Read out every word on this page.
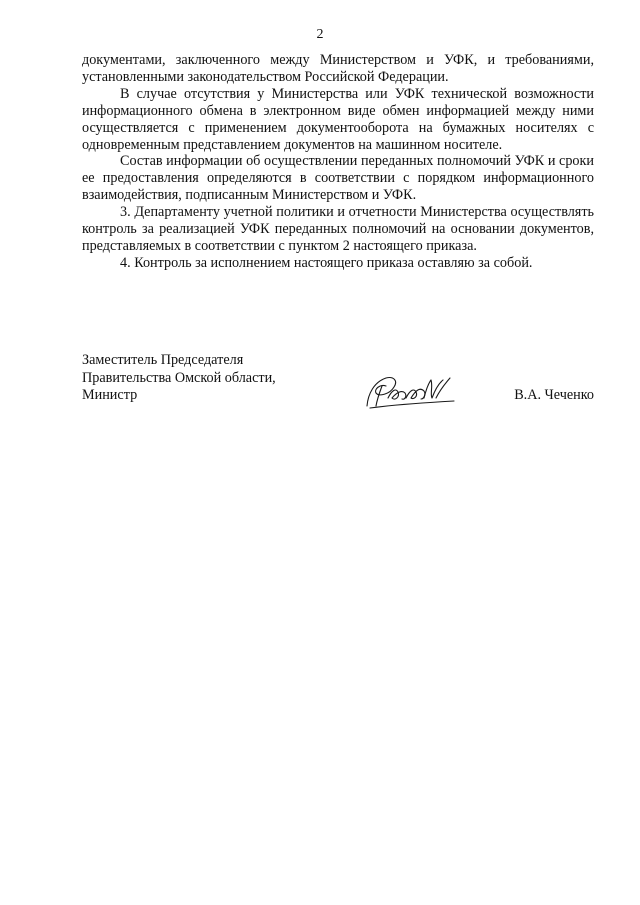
2

документами, заключенного между Министерством и УФК, и требованиями, установленными законодательством Российской Федерации.

В случае отсутствия у Министерства или УФК технической возможности информационного обмена в электронном виде обмен информацией между ними осуществляется с применением документооборота на бумажных носителях с одновременным представлением документов на машинном носителе.

Состав информации об осуществлении переданных полномочий УФК и сроки ее предоставления определяются в соответствии с порядком информационного взаимодействия, подписанным Министерством и УФК.

3. Департаменту учетной политики и отчетности Министерства осуществлять контроль за реализацией УФК переданных полномочий на основании документов, представляемых в соответствии с пунктом 2 настоящего приказа.

4. Контроль за исполнением настоящего приказа оставляю за собой.

Заместитель Председателя
Правительства Омской области,
Министр	В.А. Чеченко
